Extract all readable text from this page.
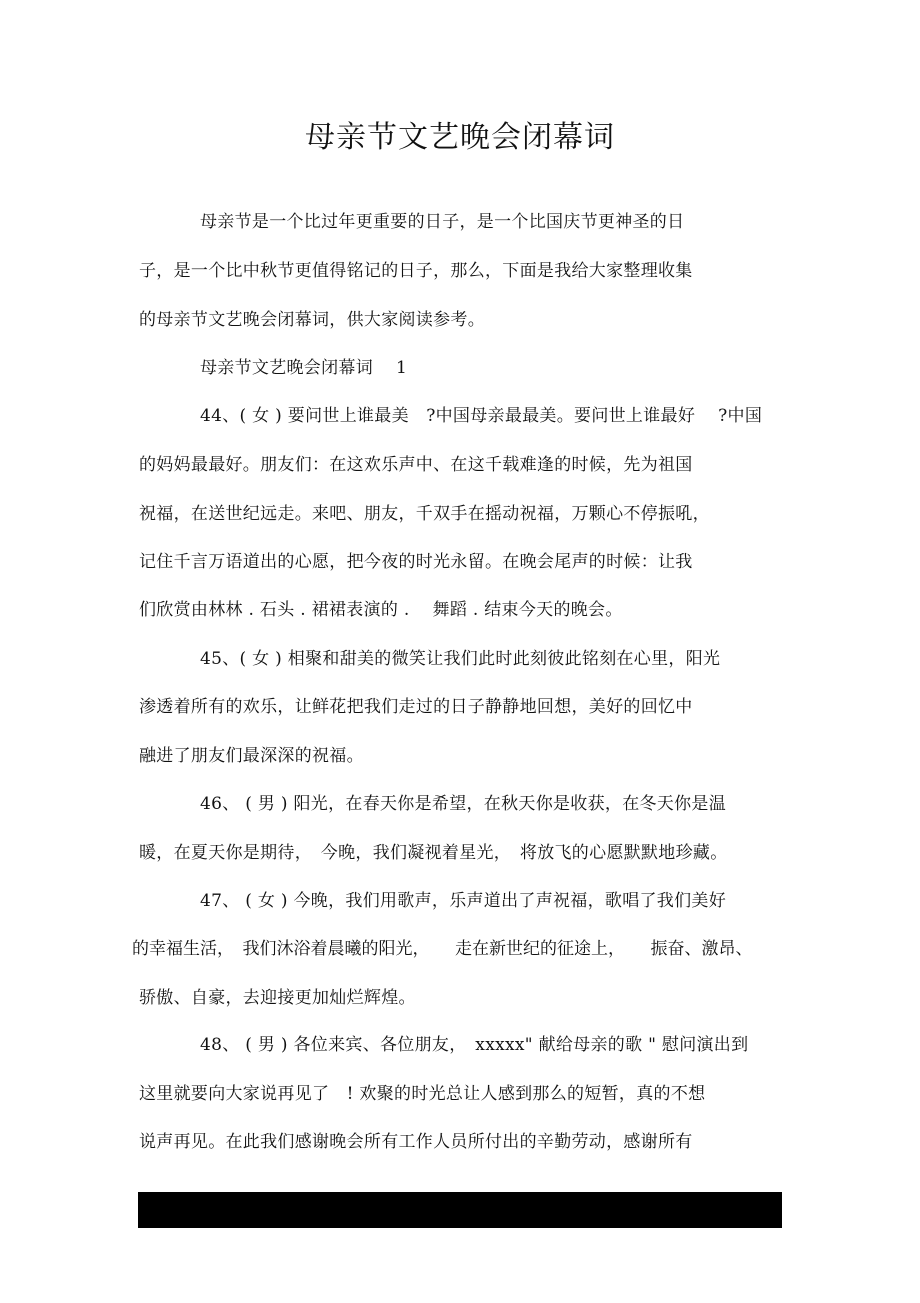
母亲节文艺晚会闭幕词
母亲节是一个比过年更重要的日子，是一个比国庆节更神圣的日
子，是一个比中秋节更值得铭记的日子，那么，下面是我给大家整理收集
的母亲节文艺晚会闭幕词，供大家阅读参考。
母亲节文艺晚会闭幕词　 1
44、( 女 ) 要问世上谁最美　?中国母亲最最美。要问世上谁最好　 ?中国
的妈妈最最好。朋友们：在这欢乐声中、在这千载难逢的时候，先为祖国
祝福，在送世纪远走。来吧、朋友，千双手在摇动祝福，万颗心不停振吼，
记住千言万语道出的心愿，把今夜的时光永留。在晚会尾声的时候：让我
们欣赏由林林 . 石头 . 裙裙表演的 .　 舞蹈 . 结束今天的晚会。
45、( 女 ) 相聚和甜美的微笑让我们此时此刻彼此铭刻在心里，阳光
渗透着所有的欢乐，让鲜花把我们走过的日子静静地回想，美好的回忆中
融进了朋友们最深深的祝福。
46、 ( 男 ) 阳光，在春天你是希望，在秋天你是收获，在冬天你是温
暖，在夏天你是期待，　今晚，我们凝视着星光，　将放飞的心愿默默地珍藏。
47、 ( 女 ) 今晚，我们用歌声，乐声道出了声祝福，歌唱了我们美好
的幸福生活，　我们沐浴着晨曦的阳光，　　走在新世纪的征途上，　　振奋、激昂、
骄傲、自豪，去迎接更加灿烂辉煌。
48、 ( 男 ) 各位来宾、各位朋友，　xxxxx" 献给母亲的歌 " 慰问演出到
这里就要向大家说再见了　! 欢聚的时光总让人感到那么的短暂，真的不想
说声再见。在此我们感谢晚会所有工作人员所付出的辛勤劳动，感谢所有
